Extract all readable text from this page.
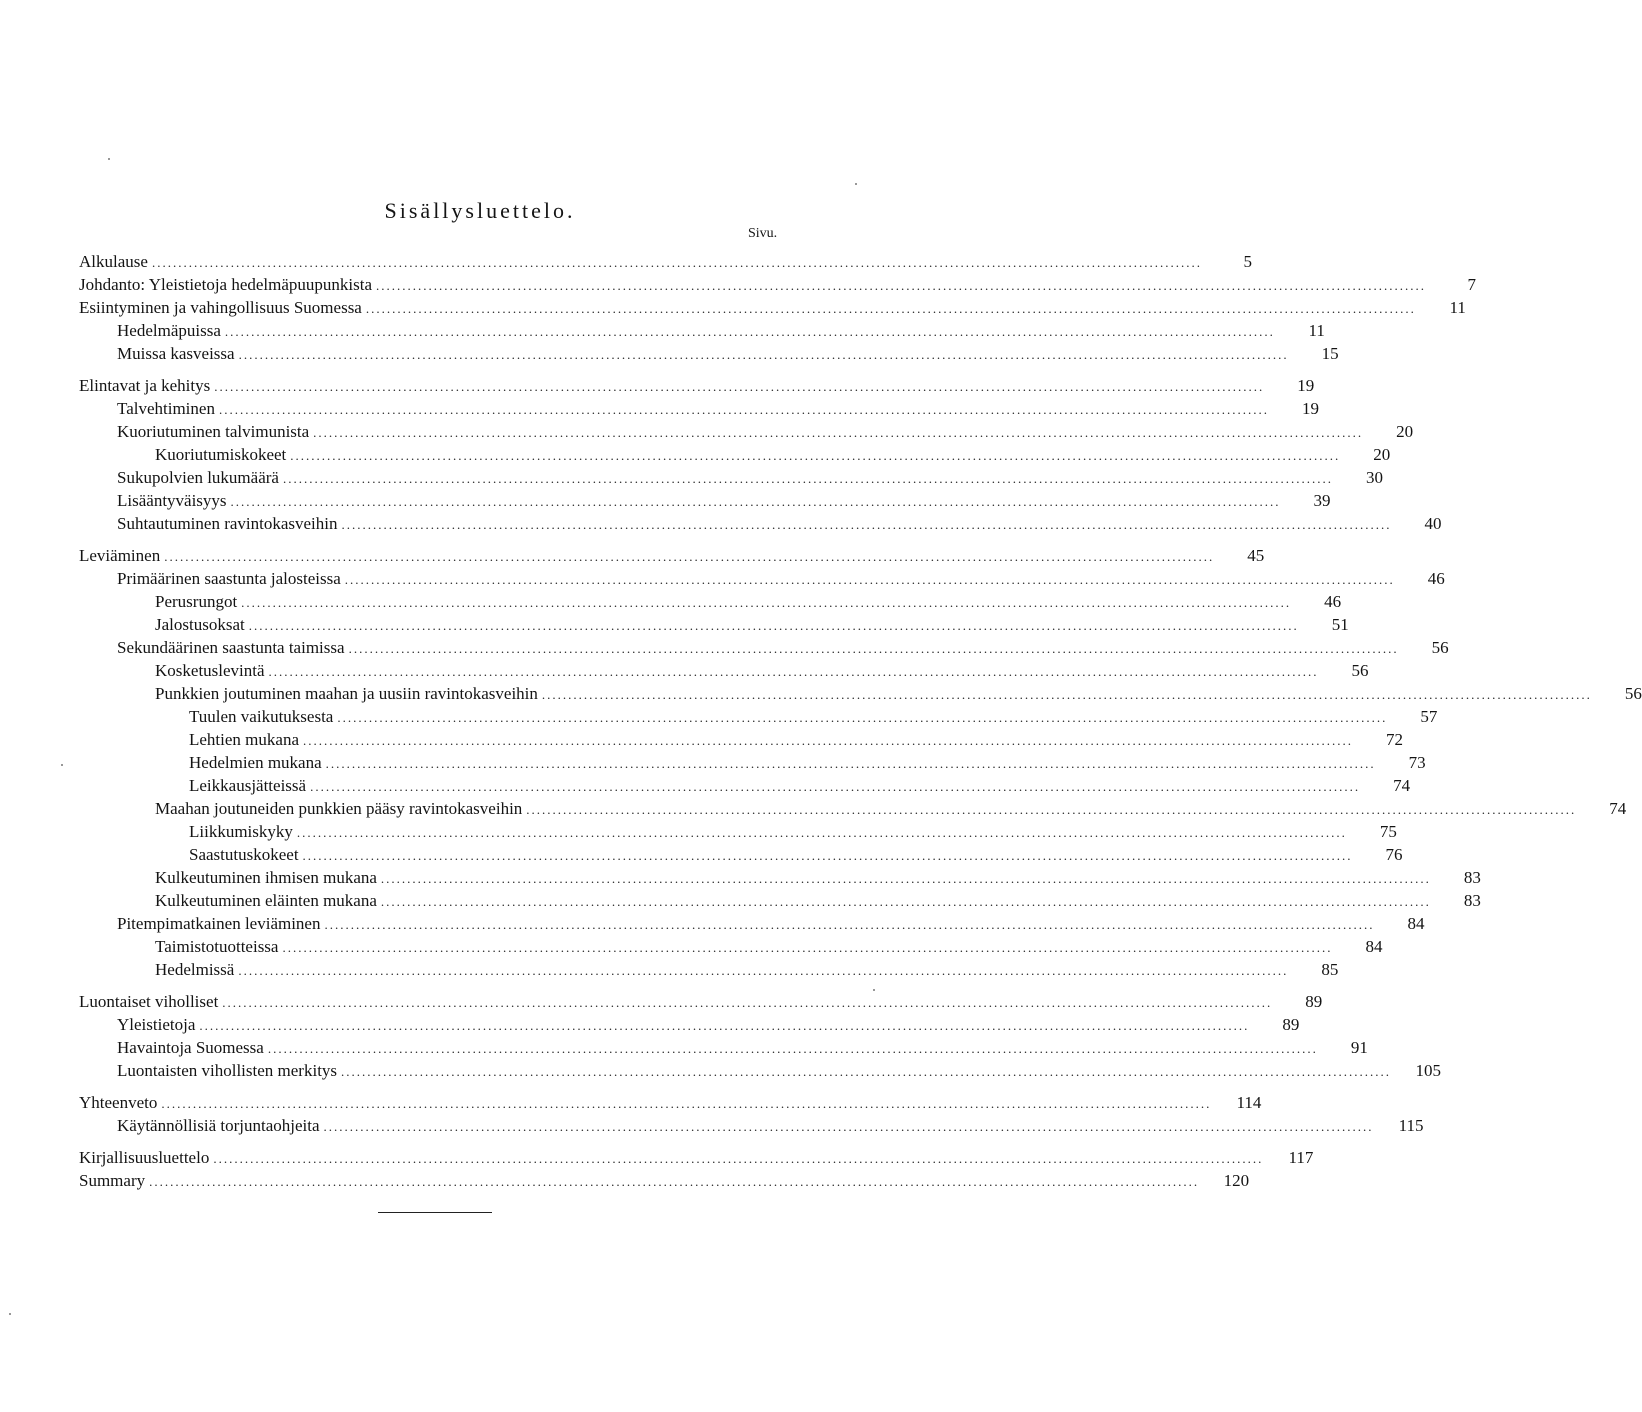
Sisällysluettelo.
Sivu.
Alkulause ........................................................................................................................................................................................................	5
Johdanto: Yleistietoja hedelmäpuupunkista ........................................................................................................................................................................................................	7
Esiintyminen ja vahingollisuus Suomessa ........................................................................................................................................................................................................	11
Hedelmäpuissa ........................................................................................................................................................................................................	11
Muissa kasveissa ........................................................................................................................................................................................................	15
Elintavat ja kehitys ........................................................................................................................................................................................................	19
Talvehtiminen ........................................................................................................................................................................................................	19
Kuoriutuminen talvimunista ........................................................................................................................................................................................................	20
Kuoriutumiskokeet ........................................................................................................................................................................................................	20
Sukupolvien lukumäärä ........................................................................................................................................................................................................	30
Lisääntyväisyys ........................................................................................................................................................................................................	39
Suhtautuminen ravintokasveihin ........................................................................................................................................................................................................	40
Leviäminen ........................................................................................................................................................................................................	45
Primäärinen saastunta jalosteissa ........................................................................................................................................................................................................	46
Perusrungot ........................................................................................................................................................................................................	46
Jalostusoksat ........................................................................................................................................................................................................	51
Sekundäärinen saastunta taimissa ........................................................................................................................................................................................................	56
Kosketuslevintä ........................................................................................................................................................................................................	56
Punkkien joutuminen maahan ja uusiin ravintokasveihin ........................................................................................................................................................................................................	56
Tuulen vaikutuksesta ........................................................................................................................................................................................................	57
Lehtien mukana ........................................................................................................................................................................................................	72
Hedelmien mukana ........................................................................................................................................................................................................	73
Leikkausjätteissä ........................................................................................................................................................................................................	74
Maahan joutuneiden punkkien pääsy ravintokasveihin ........................................................................................................................................................................................................	74
Liikkumiskyky ........................................................................................................................................................................................................	75
Saastutuskokeet ........................................................................................................................................................................................................	76
Kulkeutuminen ihmisen mukana ........................................................................................................................................................................................................	83
Kulkeutuminen eläinten mukana ........................................................................................................................................................................................................	83
Pitempimatkainen leviäminen ........................................................................................................................................................................................................	84
Taimistotuotteissa ........................................................................................................................................................................................................	84
Hedelmissä ........................................................................................................................................................................................................	85
Luontaiset viholliset ........................................................................................................................................................................................................	89
Yleistietoja ........................................................................................................................................................................................................	89
Havaintoja Suomessa ........................................................................................................................................................................................................	91
Luontaisten vihollisten merkitys ........................................................................................................................................................................................................	105
Yhteenveto ........................................................................................................................................................................................................	114
Käytännöllisiä torjuntaohjeita ........................................................................................................................................................................................................	115
Kirjallisuusluettelo ........................................................................................................................................................................................................	117
Summary ........................................................................................................................................................................................................	120
